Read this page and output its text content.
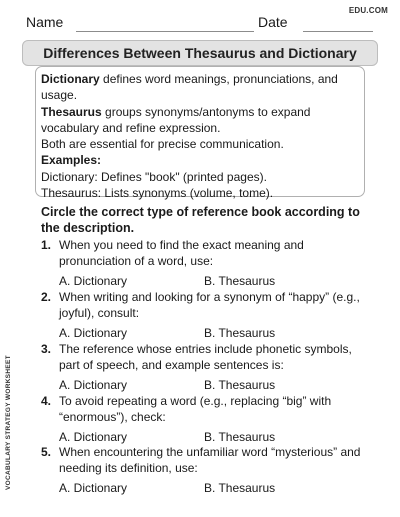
Name	Date
EDU.COM
Differences Between Thesaurus and Dictionary
VOCABULARY STRATEGY WORKSHEET
Dictionary defines word meanings, pronunciations, and usage.
Thesaurus groups synonyms/antonyms to expand vocabulary and refine expression.
Both are essential for precise communication.
Examples:
Dictionary: Defines "book" (printed pages).
Thesaurus: Lists synonyms (volume, tome).
Circle the correct type of reference book according to the description.
1. When you need to find the exact meaning and pronunciation of a word, use:
A. Dictionary	B. Thesaurus
2. When writing and looking for a synonym of “happy” (e.g., joyful), consult:
A. Dictionary	B. Thesaurus
3. The reference whose entries include phonetic symbols, part of speech, and example sentences is:
A. Dictionary	B. Thesaurus
4. To avoid repeating a word (e.g., replacing “big” with “enormous”), check:
A. Dictionary	B. Thesaurus
5. When encountering the unfamiliar word “mysterious” and needing its definition, use:
A. Dictionary	B. Thesaurus
